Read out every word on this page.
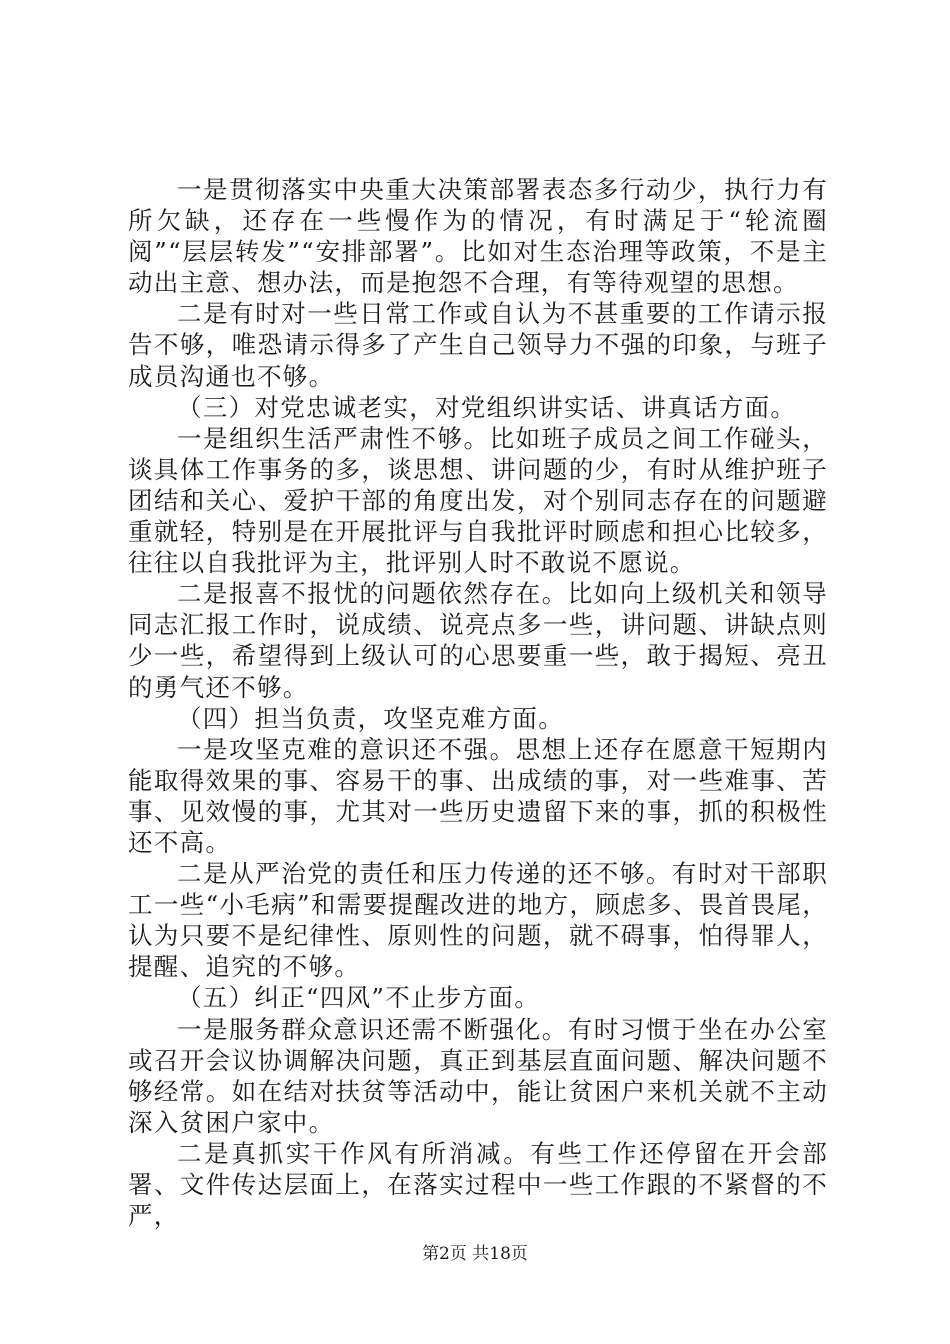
一是贯彻落实中央重大决策部署表态多行动少，执行力有所欠缺，还存在一些慢作为的情况，有时满足于“轮流圈阅”“层层转发”“安排部署”。比如对生态治理等政策，不是主动出主意、想办法，而是抱怨不合理，有等待观望的思想。

二是有时对一些日常工作或自认为不甚重要的工作请示报告不够，唯恐请示得多了产生自己领导力不强的印象，与班子成员沟通也不够。

（三）对党忠诚老实，对党组织讲实话、讲真话方面。

一是组织生活严肃性不够。比如班子成员之间工作碰头，谈具体工作事务的多，谈思想、讲问题的少，有时从维护班子团结和关心、爱护干部的角度出发，对个别同志存在的问题避重就轻，特别是在开展批评与自我批评时顾虑和担心比较多，往往以自我批评为主，批评别人时不敢说不愿说。

二是报喜不报忧的问题依然存在。比如向上级机关和领导同志汇报工作时，说成绩、说亮点多一些，讲问题、讲缺点则少一些，希望得到上级认可的心思要重一些，敢于揭短、亮丑的勇气还不够。

（四）担当负责，攻坚克难方面。

一是攻坚克难的意识还不强。思想上还存在愿意干短期内能取得效果的事、容易干的事、出成绩的事，对一些难事、苦事、见效慢的事，尤其对一些历史遗留下来的事，抓的积极性还不高。

二是从严治党的责任和压力传递的还不够。有时对干部职工一些“小毛病”和需要提醒改进的地方，顾虑多、畏首畏尾，认为只要不是纪律性、原则性的问题，就不碍事，怕得罪人，提醒、追究的不够。

（五）纠正“四风”不止步方面。

一是服务群众意识还需不断强化。有时习惯于坐在办公室或召开会议协调解决问题，真正到基层直面问题、解决问题不够经常。如在结对扶贫等活动中，能让贫困户来机关就不主动深入贫困户家中。

二是真抓实干作风有所消减。有些工作还停留在开会部署、文件传达层面上，在落实过程中一些工作跟的不紧督的不严，

第2页 共18页
